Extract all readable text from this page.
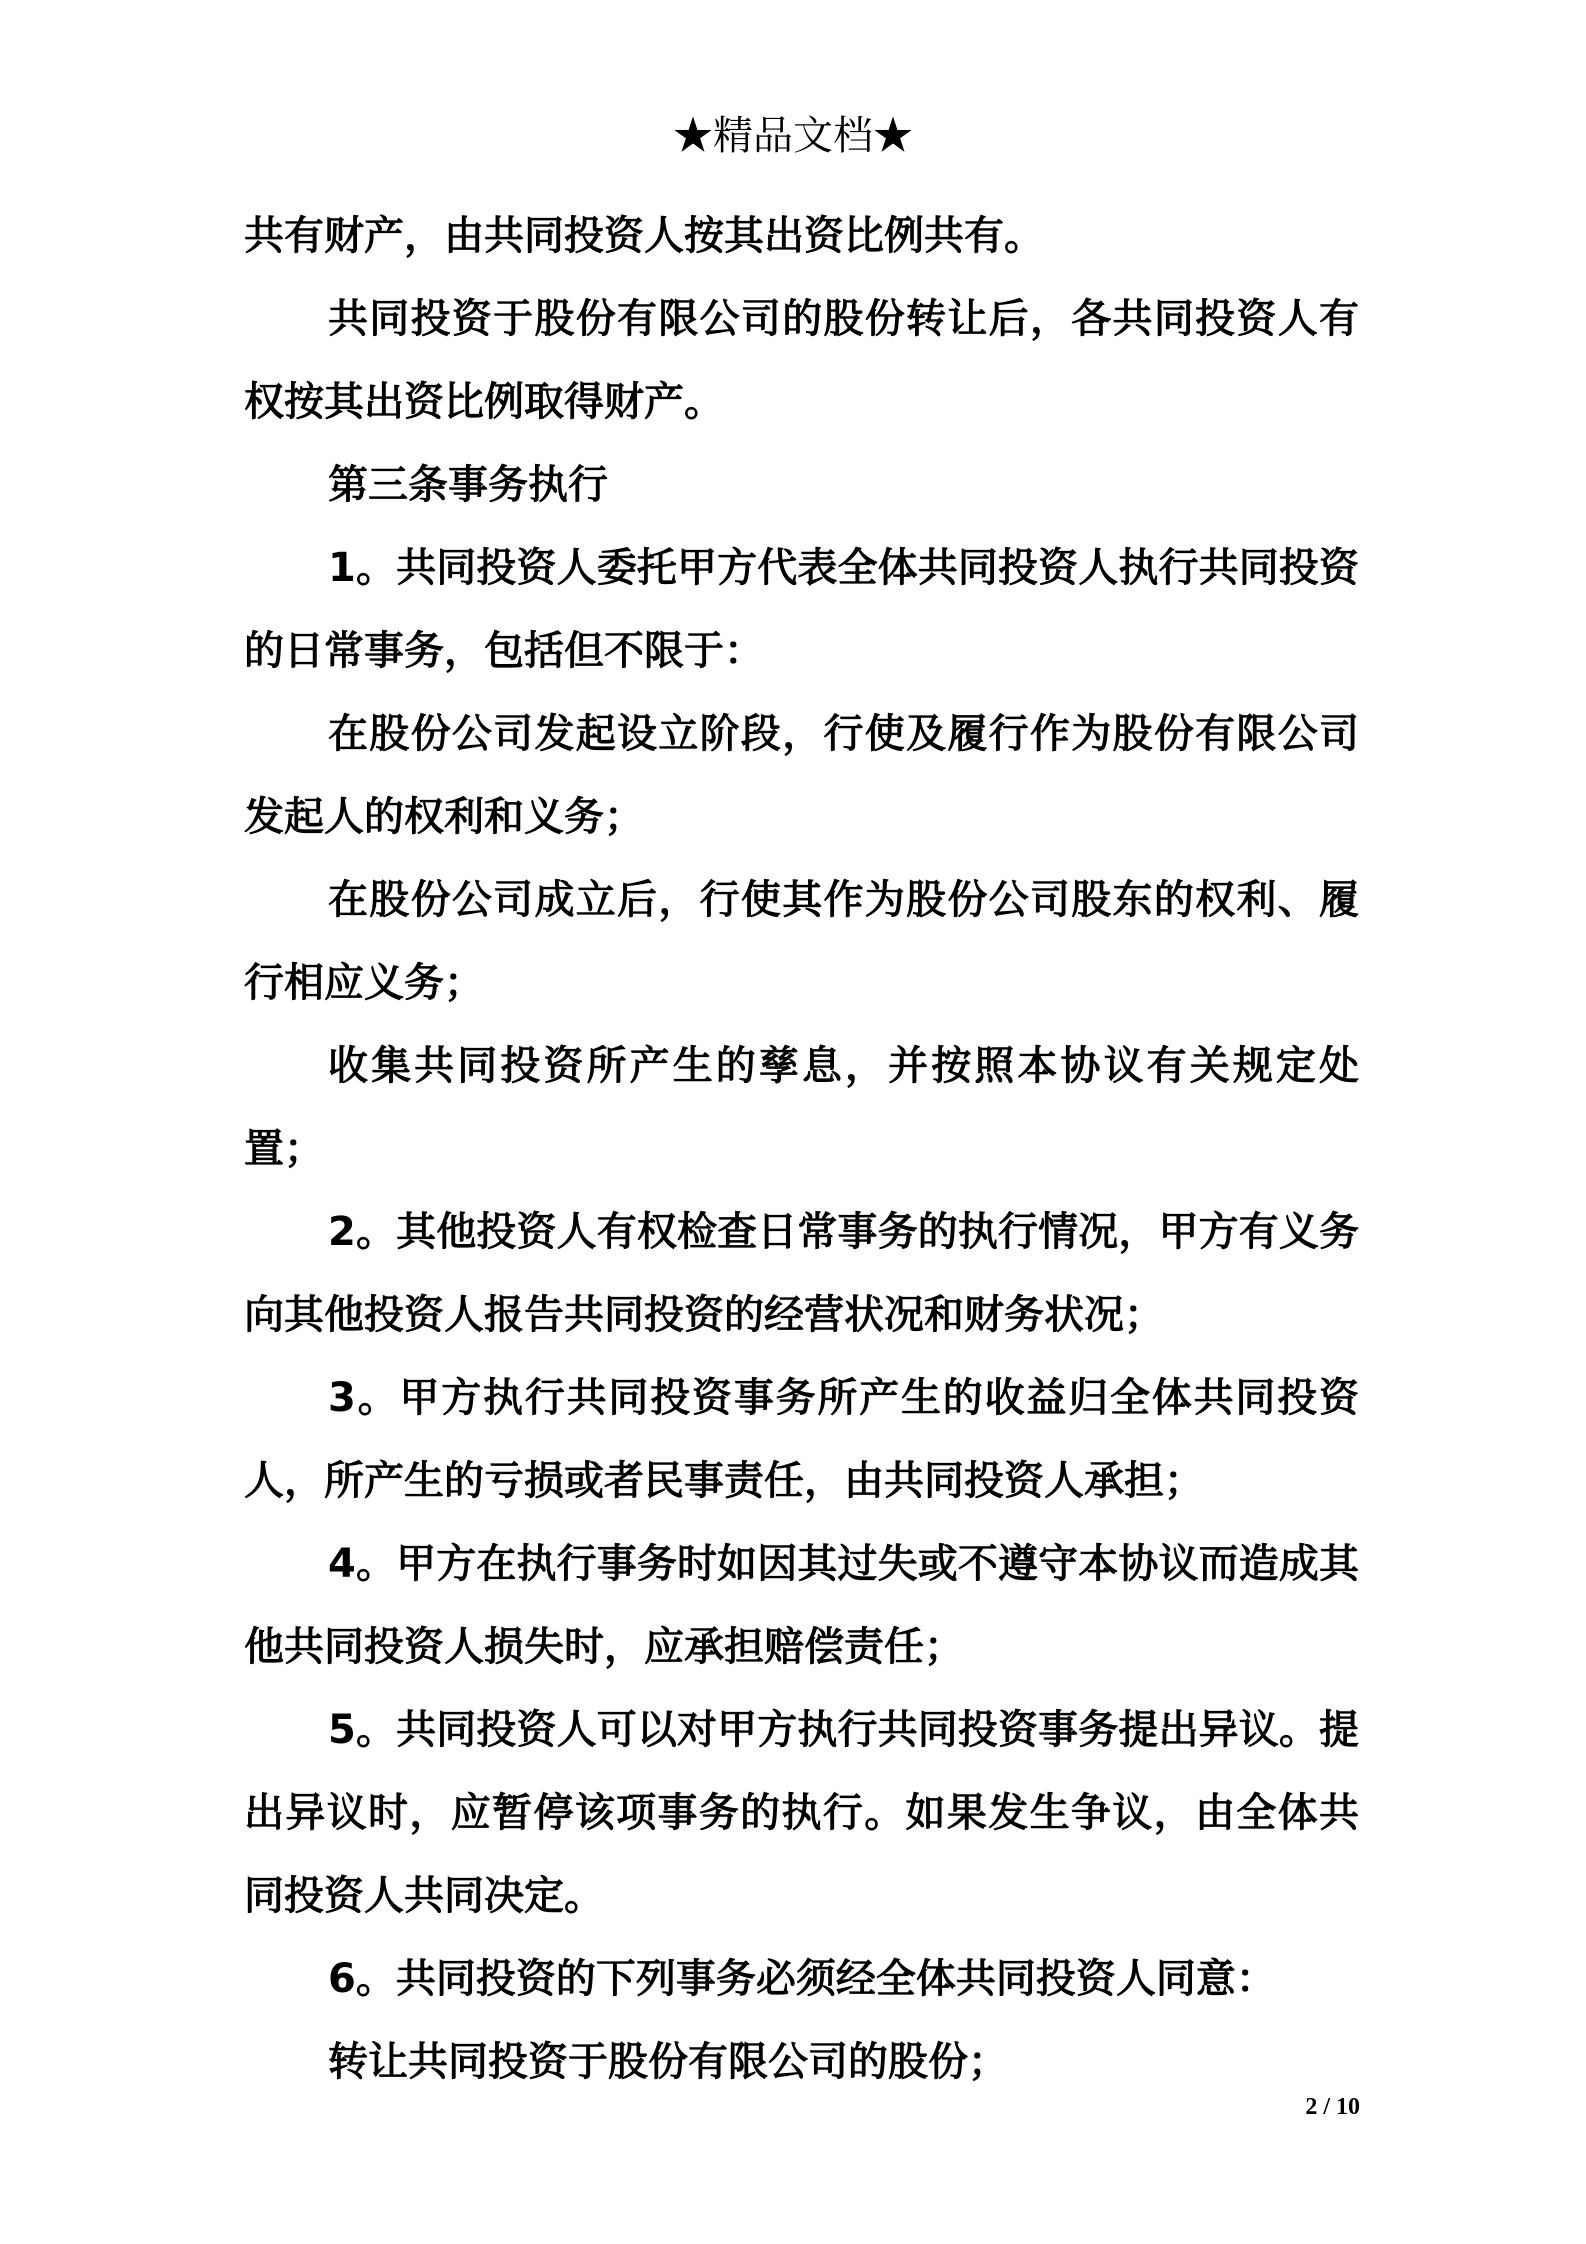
★精品文档★

共有财产，由共同投资人按其出资比例共有。

共同投资于股份有限公司的股份转让后，各共同投资人有权按其出资比例取得财产。

第三条事务执行

1。共同投资人委托甲方代表全体共同投资人执行共同投资的日常事务，包括但不限于：

在股份公司发起设立阶段，行使及履行作为股份有限公司发起人的权利和义务；

在股份公司成立后，行使其作为股份公司股东的权利、履行相应义务；

收集共同投资所产生的孳息，并按照本协议有关规定处置；

2。其他投资人有权检查日常事务的执行情况，甲方有义务向其他投资人报告共同投资的经营状况和财务状况；

3。甲方执行共同投资事务所产生的收益归全体共同投资人，所产生的亏损或者民事责任，由共同投资人承担；

4。甲方在执行事务时如因其过失或不遵守本协议而造成其他共同投资人损失时，应承担赔偿责任；

5。共同投资人可以对甲方执行共同投资事务提出异议。提出异议时，应暂停该项事务的执行。如果发生争议，由全体共同投资人共同决定。

6。共同投资的下列事务必须经全体共同投资人同意：

转让共同投资于股份有限公司的股份；

2 / 10
